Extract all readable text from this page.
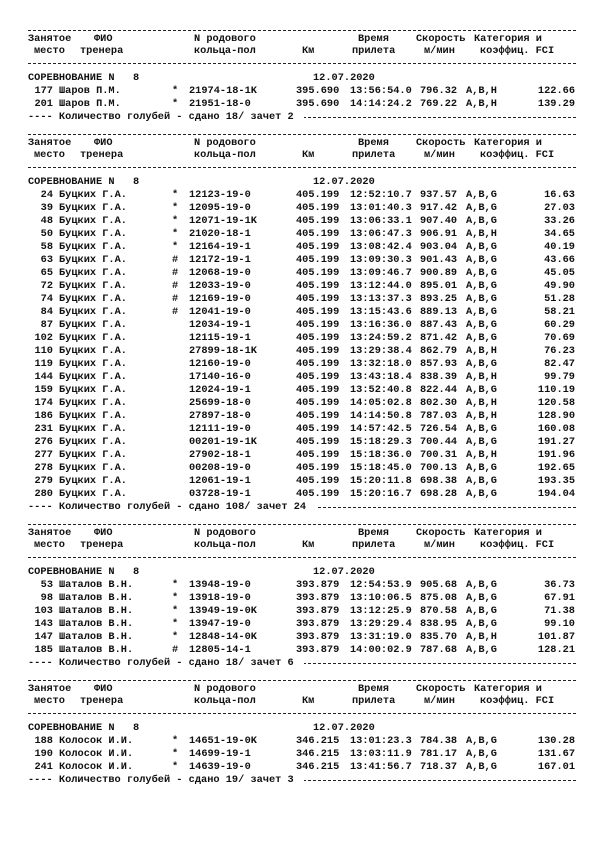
Занятое
место
ФИО
тренера
N родового
кольца-пол	Км
Время
прилета
Скорость
м/мин
Категория и
коэффиц. FCI
СОРЕВНОВАНИЕ N   8	12.07.2020
177 Шаров П.М.	* 21974-18-1K	395.690 13:56:54.0 796.32 A,B,H	122.66
201 Шаров П.М.	* 21951-18-0	395.690 14:14:24.2 769.22 A,B,H	139.29
---- Количество голубей - сдано 18/ зачет 2
Занятое
место
ФИО
тренера
N родового
кольца-пол	Км
Время
прилета
Скорость
м/мин
Категория и
коэффиц. FCI
СОРЕВНОВАНИЕ N   8	12.07.2020
24 Буцких Г.А.	* 12123-19-0	405.199 12:52:10.7 937.57 A,B,G	16.63
39 Буцких Г.А.	* 12095-19-0	405.199 13:01:40.3 917.42 A,B,G	27.03
48 Буцких Г.А.	* 12071-19-1K	405.199 13:06:33.1 907.40 A,B,G	33.26
50 Буцких Г.А.	* 21020-18-1	405.199 13:06:47.3 906.91 A,B,H	34.65
58 Буцких Г.А.	* 12164-19-1	405.199 13:08:42.4 903.04 A,B,G	40.19
63 Буцких Г.А.	# 12172-19-1	405.199 13:09:30.3 901.43 A,B,G	43.66
65 Буцких Г.А.	# 12068-19-0	405.199 13:09:46.7 900.89 A,B,G	45.05
72 Буцких Г.А.	# 12033-19-0	405.199 13:12:44.0 895.01 A,B,G	49.90
74 Буцких Г.А.	# 12169-19-0	405.199 13:13:37.3 893.25 A,B,G	51.28
84 Буцких Г.А.	# 12041-19-0	405.199 13:15:43.6 889.13 A,B,G	58.21
87 Буцких Г.А.	12034-19-1	405.199 13:16:36.0 887.43 A,B,G	60.29
102 Буцких Г.А.	12115-19-1	405.199 13:24:59.2 871.42 A,B,G	70.69
110 Буцких Г.А.	27899-18-1K	405.199 13:29:38.4 862.79 A,B,H	76.23
119 Буцких Г.А.	12160-19-0	405.199 13:32:18.0 857.93 A,B,G	82.47
144 Буцких Г.А.	17140-16-0	405.199 13:43:18.4 838.39 A,B,H	99.79
159 Буцких Г.А.	12024-19-1	405.199 13:52:40.8 822.44 A,B,G	110.19
174 Буцких Г.А.	25699-18-0	405.199 14:05:02.8 802.30 A,B,H	120.58
186 Буцких Г.А.	27897-18-0	405.199 14:14:50.8 787.03 A,B,H	128.90
231 Буцких Г.А.	12111-19-0	405.199 14:57:42.5 726.54 A,B,G	160.08
276 Буцких Г.А.	00201-19-1K	405.199 15:18:29.3 700.44 A,B,G	191.27
277 Буцких Г.А.	27902-18-1	405.199 15:18:36.0 700.31 A,B,H	191.96
278 Буцких Г.А.	00208-19-0	405.199 15:18:45.0 700.13 A,B,G	192.65
279 Буцких Г.А.	12061-19-1	405.199 15:20:11.8 698.38 A,B,G	193.35
280 Буцких Г.А.	03728-19-1	405.199 15:20:16.7 698.28 A,B,G	194.04
---- Количество голубей - сдано 108/ зачет 24
Занятое
место
ФИО
тренера
N родового
кольца-пол	Км
Время
прилета
Скорость
м/мин
Категория и
коэффиц. FCI
СОРЕВНОВАНИЕ N   8	12.07.2020
53 Шаталов В.Н.	* 13948-19-0	393.879 12:54:53.9 905.68 A,B,G	36.73
98 Шаталов В.Н.	* 13918-19-0	393.879 13:10:06.5 875.08 A,B,G	67.91
103 Шаталов В.Н.	* 13949-19-0K	393.879 13:12:25.9 870.58 A,B,G	71.38
143 Шаталов В.Н.	* 13947-19-0	393.879 13:29:29.4 838.95 A,B,G	99.10
147 Шаталов В.Н.	* 12848-14-0K	393.879 13:31:19.0 835.70 A,B,H	101.87
185 Шаталов В.Н.	# 12805-14-1	393.879 14:00:02.9 787.68 A,B,G	128.21
---- Количество голубей - сдано 18/ зачет 6
Занятое
место
ФИО
тренера
N родового
кольца-пол	Км
Время
прилета
Скорость
м/мин
Категория и
коэффиц. FCI
СОРЕВНОВАНИЕ N   8	12.07.2020
188 Колосок И.И.	* 14651-19-0K	346.215 13:01:23.3 784.38 A,B,G	130.28
190 Колосок И.И.	* 14699-19-1	346.215 13:03:11.9 781.17 A,B,G	131.67
241 Колосок И.И.	* 14639-19-0	346.215 13:41:56.7 718.37 A,B,G	167.01
---- Количество голубей - сдано 19/ зачет 3
